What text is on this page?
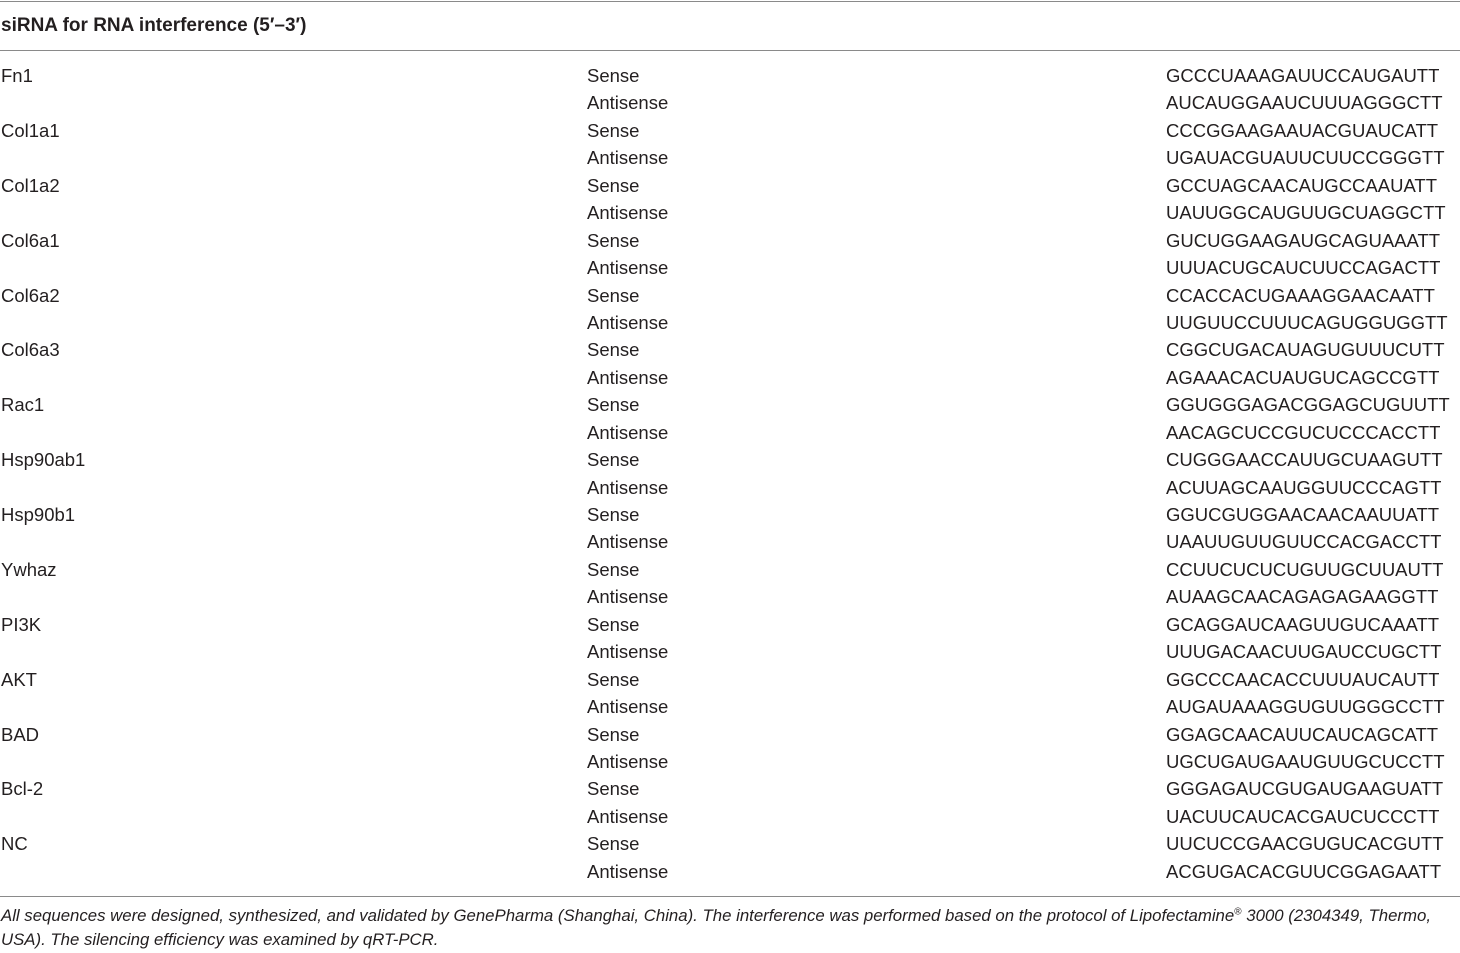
siRNA for RNA interference (5′–3′)
Fn1	Sense	GCCCUAAAGAUUCCAUGAUTT
Antisense	AUCAUGGAAUCUUUAGGGCTT
Col1a1	Sense	CCCGGAAGAAUACGUAUCATT
Antisense	UGAUACGUAUUCUUCCGGGTT
Col1a2	Sense	GCCUAGCAACAUGCCAAUATT
Antisense	UAUUGGCAUGUUGCUAGGCTT
Col6a1	Sense	GUCUGGAAGAUGCAGUAAATT
Antisense	UUUACUGCAUCUUCCAGACTT
Col6a2	Sense	CCACCACUGAAAGGAACAATT
Antisense	UUGUUCCUUUCAGUGGUGGTT
Col6a3	Sense	CGGCUGACAUAGUGUUUCUTT
Antisense	AGAAACACUAUGUCAGCCGTT
Rac1	Sense	GGUGGGAGACGGAGCUGUUTT
Antisense	AACAGCUCCGUCUCCCACCTT
Hsp90ab1	Sense	CUGGGAACCAUUGCUAAGUTT
Antisense	ACUUAGCAAUGGUUCCCAGTT
Hsp90b1	Sense	GGUCGUGGAACAACAAUUATT
Antisense	UAAUUGUUGUUCCACGACCTT
Ywhaz	Sense	CCUUCUCUCUGUUGCUUAUTT
Antisense	AUAAGCAACAGAGAGAAGGTT
PI3K	Sense	GCAGGAUCAAGUUGUCAAATT
Antisense	UUUGACAACUUGAUCCUGCTT
AKT	Sense	GGCCCAACACCUUUAUCAUTT
Antisense	AUGAUAAAGGUGUUGGGCCTT
BAD	Sense	GGAGCAACAUUCAUCAGCATT
Antisense	UGCUGAUGAAUGUUGCUCCTT
Bcl-2	Sense	GGGAGAUCGUGAUGAAGUATT
Antisense	UACUUCAUCACGAUCUCCCTT
NC	Sense	UUCUCCGAACGUGUCACGUTT
Antisense	ACGUGACACGUUCGGAGAATT
All sequences were designed, synthesized, and validated by GenePharma (Shanghai, China). The interference was performed based on the protocol of Lipofectamine® 3000 (2304349, Thermo, USA). The silencing efficiency was examined by qRT-PCR.
